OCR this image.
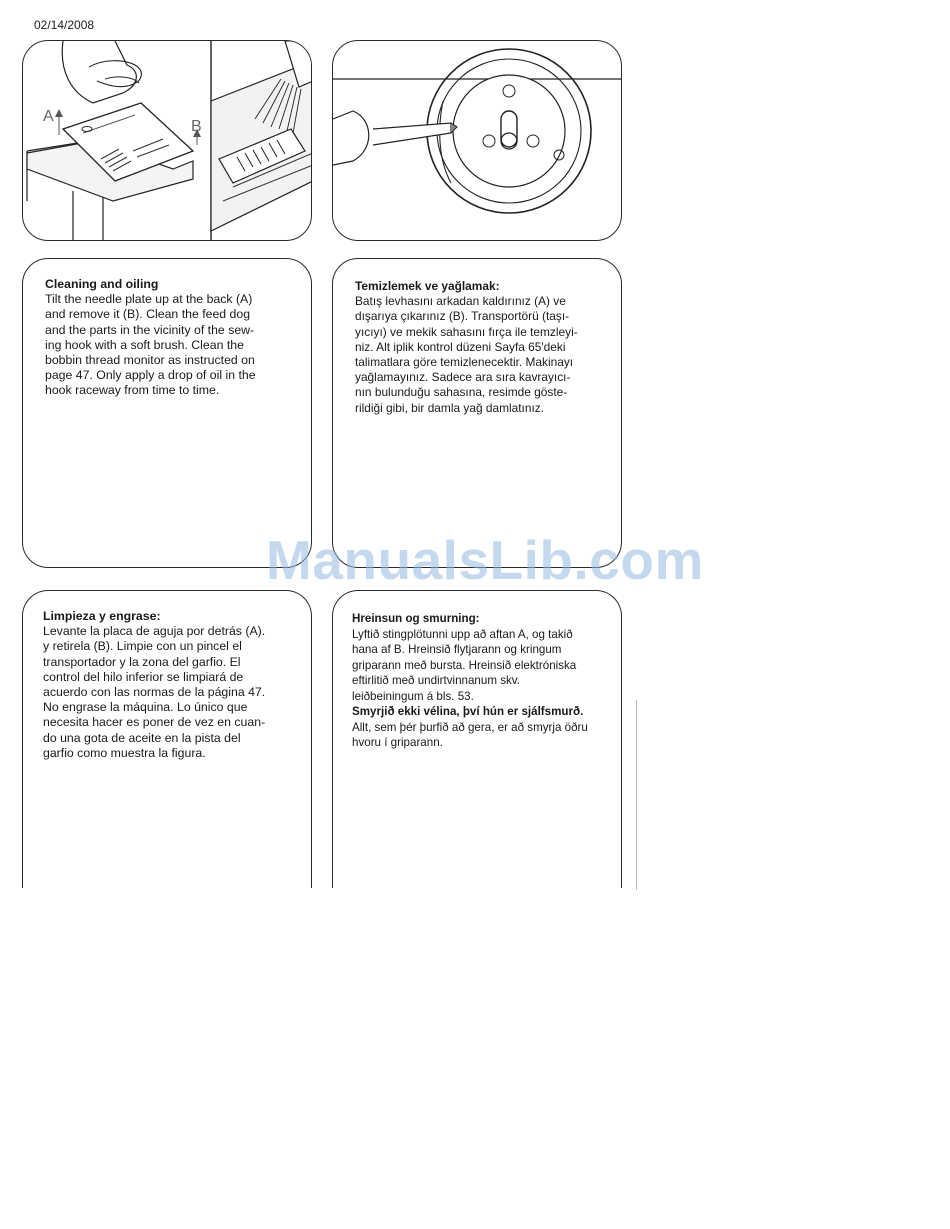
02/14/2008
A
B
Cleaning and oiling
Tilt the needle plate up at the back (A)
and remove it (B). Clean the feed dog
and the parts in the vicinity of the sew-
ing hook with a soft brush. Clean the
bobbin thread monitor as instructed on
page 47. Only apply a drop of oil in the
hook raceway from time to time.
Temizlemek ve yağlamak:
Batış levhasını arkadan kaldırınız (A) ve
dışarıya çıkarınız (B). Transportörü (taşı-
yıcıyı) ve mekik sahasını fırça ile temzleyi-
niz. Alt iplik kontrol düzeni Sayfa 65'deki
talimatlara göre temizlenecektir. Makinayı
yağlamayınız. Sadece ara sıra kavrayıcı-
nın bulunduğu sahasına, resimde göste-
rildiği gibi, bir damla yağ damlatınız.
Limpieza y engrase:
Levante la placa de aguja por detrás (A).
y retirela (B). Limpie con un pincel el
transportador y la zona del garfio. El
control del hilo inferior se limpiará de
acuerdo con las normas de la página 47.
No engrase la máquina. Lo único que
necesita hacer es poner de vez en cuan-
do una gota de aceite en la pista del
garfio como muestra la figura.
Hreinsun og smurning:
Lyftið stingplötunni upp að aftan A, og takið
hana af B. Hreinsið flytjarann og kringum
griparann með bursta. Hreinsið elektróniska
eftirlitið með undirtvinnanum skv.
leiðbeiningum á bls. 53.
Smyrjið ekki vélina, því hún er sjálfsmurð.
Allt, sem þér þurfið að gera, er að smyrja öðru
hvoru í griparann.
ManualsLib.com
